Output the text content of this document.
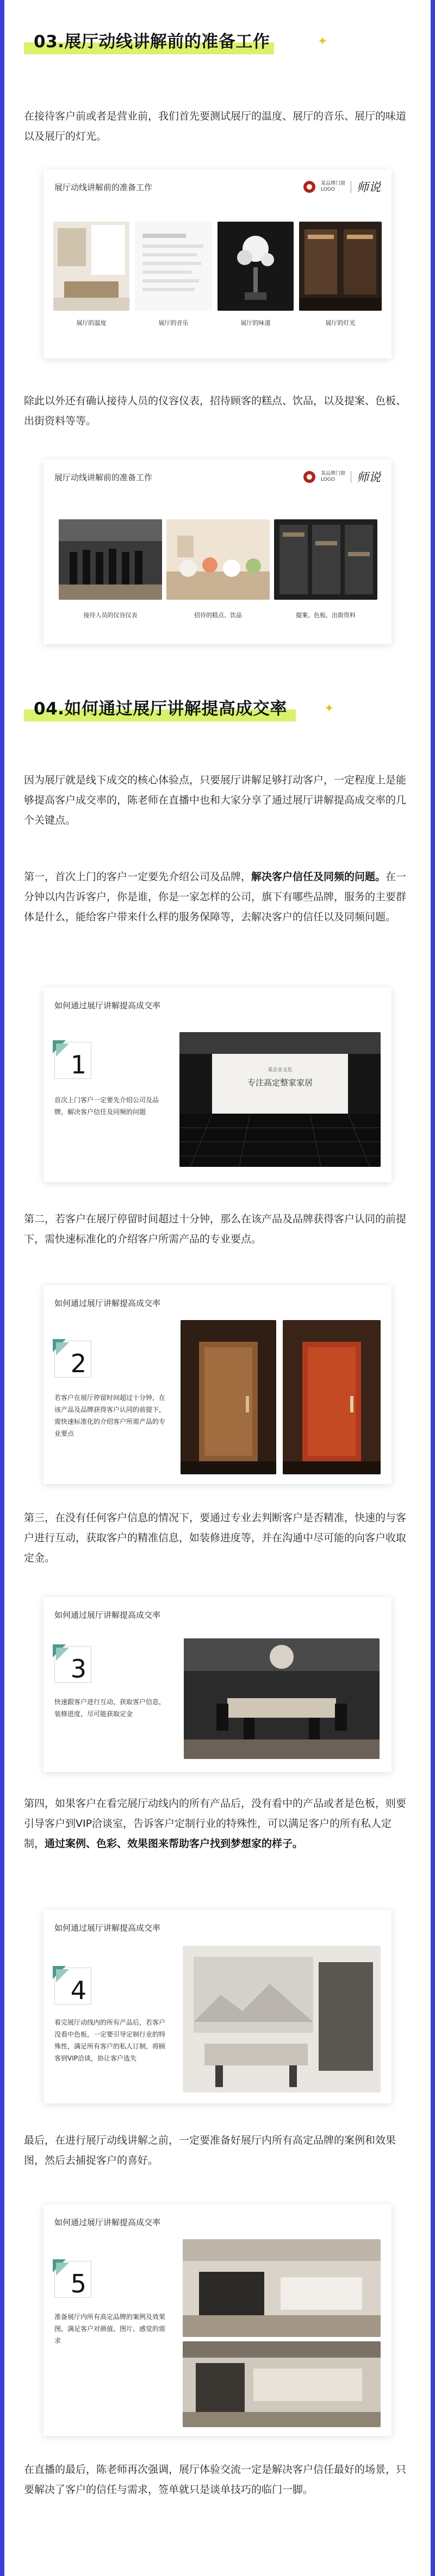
03.展厅动线讲解前的准备工作	✦

在接待客户前或者是营业前，我们首先要测试展厅的温度、展厅的音乐、展厅的味道以及展厅的灯光。

展厅动线讲解前的准备工作	某品牌门窗
LOGO	师说
展厅的温度	展厅的音乐	展厅的味道	展厅的灯光

除此以外还有确认接待人员的仪容仪表，招待顾客的糕点、饮品，以及提案、色板、出街资料等等。

展厅动线讲解前的准备工作	某品牌门窗
LOGO	师说
接待人员的仪容仪表	招待的糕点、饮品	提案、色板、出街资料
04.如何通过展厅讲解提高成交率	✦

因为展厅就是线下成交的核心体验点，只要展厅讲解足够打动客户，一定程度上是能够提高客户成交率的，陈老师在直播中也和大家分享了通过展厅讲解提高成交率的几个关键点。

第一，首次上门的客户一定要先介绍公司及品牌，解决客户信任及同频的问题。在一分钟以内告诉客户，你是谁，你是一家怎样的公司，旗下有哪些品牌，服务的主要群体是什么，能给客户带来什么样的服务保障等，去解决客户的信任以及同频问题。

如何通过展厅讲解提高成交率
1
首次上门客户一定要先介绍公司及品牌，解决客户信任及同频的问题
某企业文化
专注高定整家家居

第二，若客户在展厅停留时间超过十分钟，那么在该产品及品牌获得客户认同的前提下，需快速标准化的介绍客户所需产品的专业要点。

如何通过展厅讲解提高成交率
2
若客户在展厅停留时间超过十分钟，在该产品及品牌获得客户认同的前提下，需快速标准化的介绍客户所需产品的专业要点

第三，在没有任何客户信息的情况下，要通过专业去判断客户是否精准，快速的与客户进行互动，获取客户的精准信息，如装修进度等，并在沟通中尽可能的向客户收取定金。

如何通过展厅讲解提高成交率
3
快速跟客户进行互动，获取客户信息，装修进度，尽可能获取定金

第四，如果客户在看完展厅动线内的所有产品后，没有看中的产品或者是色板，则要引导客户到VIP洽谈室，告诉客户定制行业的特殊性，可以满足客户的所有私人定制，通过案例、色彩、效果图来帮助客户找到梦想家的样子。

如何通过展厅讲解提高成交率
4
看完展厅动线内的所有产品后，若客户没看中色板，一定要引导定制行业的特殊性，满足所有客户的私人订制，将顾客到VIP洽谈，协让客户选失

最后，在进行展厅动线讲解之前，一定要准备好展厅内所有高定品牌的案例和效果图，然后去捕捉客户的喜好。

如何通过展厅讲解提高成交率
5
准备展厅内所有高定品牌的案例及效果图，满足客户对颜值、图片、感觉的需求

在直播的最后，陈老师再次强调，展厅体验交流一定是解决客户信任最好的场景，只要解决了客户的信任与需求，签单就只是谈单技巧的临门一脚。
